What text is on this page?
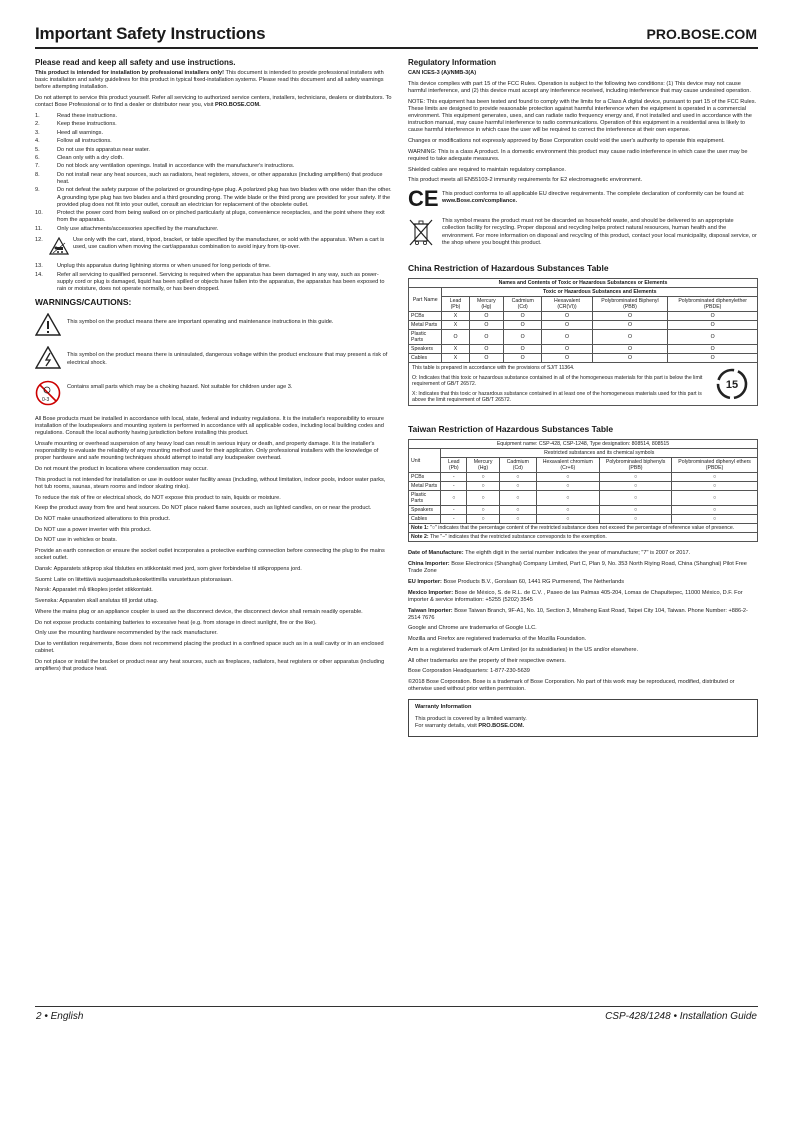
Important Safety Instructions	PRO.BOSE.COM
Please read and keep all safety and use instructions.

This product is intended for installation by professional installers only! This document is intended to provide professional installers with basic installation and safety guidelines for this product in typical fixed-installation systems. Please read this document and all safety warnings before attempting installation.

Do not attempt to service this product yourself. Refer all servicing to authorized service centers, installers, technicians, dealers or distributors. To contact Bose Professional or to find a dealer or distributor near you, visit PRO.BOSE.COM.

1.	Read these instructions.
2.	Keep these instructions.
3.	Heed all warnings.
4.	Follow all instructions.
5.	Do not use this apparatus near water.
6.	Clean only with a dry cloth.
7.	Do not block any ventilation openings. Install in accordance with the manufacturer's instructions.
8.	Do not install near any heat sources, such as radiators, heat registers, stoves, or other apparatus (including amplifiers) that produce heat.
9.	Do not defeat the safety purpose of the polarized or grounding-type plug. A polarized plug has two blades with one wider than the other. A grounding type plug has two blades and a third grounding prong. The wide blade or the third prong are provided for your safety. If the provided plug does not fit into your outlet, consult an electrician for replacement of the obsolete outlet.
10.	Protect the power cord from being walked on or pinched particularly at plugs, convenience receptacles, and the point where they exit from the apparatus.
11.	Only use attachments/accessories specified by the manufacturer.
12.	Use only with the cart, stand, tripod, bracket, or table specified by the manufacturer, or sold with the apparatus. When a cart is used, use caution when moving the cart/apparatus combination to avoid injury from tip-over.
13.	Unplug this apparatus during lightning storms or when unused for long periods of time.
14.	Refer all servicing to qualified personnel. Servicing is required when the apparatus has been damaged in any way, such as power-supply cord or plug is damaged, liquid has been spilled or objects have fallen into the apparatus, the apparatus has been exposed to rain or moisture, does not operate normally, or has been dropped.
WARNINGS/CAUTIONS:
This symbol on the product means there are important operating and maintenance instructions in this guide.
This symbol on the product means there is uninsulated, dangerous voltage within the product enclosure that may present a risk of electrical shock.
0-3
Contains small parts which may be a choking hazard. Not suitable for children under age 3.

All Bose products must be installed in accordance with local, state, federal and industry regulations. It is the installer's responsibility to ensure installation of the loudspeakers and mounting system is performed in accordance with all applicable codes, including local building codes and regulations. Consult the local authority having jurisdiction before installing this product.

Unsafe mounting or overhead suspension of any heavy load can result in serious injury or death, and property damage. It is the installer's responsibility to evaluate the reliability of any mounting method used for their application. Only professional installers with the knowledge of proper hardware and safe mounting techniques should attempt to install any loudspeaker overhead.

Do not mount the product in locations where condensation may occur.

This product is not intended for installation or use in outdoor water facility areas (including, without limitation, indoor pools, indoor water parks, hot tub rooms, saunas, steam rooms and indoor skating rinks).

To reduce the risk of fire or electrical shock, do NOT expose this product to rain, liquids or moisture.

Keep the product away from fire and heat sources. Do NOT place naked flame sources, such as lighted candles, on or near the product.

Do NOT make unauthorized alterations to this product.

Do NOT use a power inverter with this product.

Do NOT use in vehicles or boats.

Provide an earth connection or ensure the socket outlet incorporates a protective earthing connection before connecting the plug to the mains socket outlet.

Dansk: Apparatets stikprop skal tilsluttes en stikkontakt med jord, som giver forbindelse til stikproppens jord.

Suomi: Laite on liitettävä suojamaadoituskoskettimilla varustettuun pistorasiaan.

Norsk: Apparatet må tilkoples jordet stikkontakt.

Svenska: Apparaten skall anslutas till jordat uttag.

Where the mains plug or an appliance coupler is used as the disconnect device, the disconnect device shall remain readily operable.

Do not expose products containing batteries to excessive heat (e.g. from storage in direct sunlight, fire or the like).

Only use the mounting hardware recommended by the rack manufacturer.

Due to ventilation requirements, Bose does not recommend placing the product in a confined space such as in a wall cavity or in an enclosed cabinet.

Do not place or install the bracket or product near any heat sources, such as fireplaces, radiators, heat registers or other apparatus (including amplifiers) that produce heat.

Regulatory Information

CAN ICES-3 (A)/NMB-3(A)

This device complies with part 15 of the FCC Rules. Operation is subject to the following two conditions: (1) This device may not cause harmful interference, and (2) this device must accept any interference received, including interference that may cause undesired operation.

NOTE: This equipment has been tested and found to comply with the limits for a Class A digital device, pursuant to part 15 of the FCC Rules. These limits are designed to provide reasonable protection against harmful interference when the equipment is operated in a commercial environment. This equipment generates, uses, and can radiate radio frequency energy and, if not installed and used in accordance with the instruction manual, may cause harmful interference to radio communications. Operation of this equipment in a residential area is likely to cause harmful interference in which case the user will be required to correct the interference at their own expense.

Changes or modifications not expressly approved by Bose Corporation could void the user's authority to operate this equipment.

WARNING: This is a class A product. In a domestic environment this product may cause radio interference in which case the user may be required to take adequate measures.

Shielded cables are required to maintain regulatory compliance.

This product meets all EN55103-2 immunity requirements for E2 electromagnetic environment.

CE This product conforms to all applicable EU directive requirements. The complete declaration of conformity can be found at: www.Bose.com/compliance.
This symbol means the product must not be discarded as household waste, and should be delivered to an appropriate collection facility for recycling. Proper disposal and recycling helps protect natural resources, human health and the environment. For more information on disposal and recycling of this product, contact your local municipality, disposal service, or the shop where you bought this product.
China Restriction of Hazardous Substances Table
Names and Contents of Toxic or Hazardous Substances or Elements						
Part Name	Toxic or Hazardous Substances and Elements					
	Lead (Pb)	Mercury (Hg)	Cadmium (Cd)	Hexavalent (CR(VI))	Polybrominated Biphenyl (PBB)	Polybrominated diphenylether (PBDE)
PCBs	X	O	O	O	O	O
Metal Parts	X	O	O	O	O	O
Plastic Parts	O	O	O	O	O	O
Speakers	X	O	O	O	O	O
Cables	X	O	O	O	O	O

This table is prepared in accordance with the provisions of SJ/T 11364.

O: Indicates that this toxic or hazardous substance contained in all of the homogeneous materials for this part is below the limit requirement of GB/T 26572.

X: Indicates that this toxic or hazardous substance contained in at least one of the homogeneous materials used for this part is above the limit requirement of GB/T 26572.

15
Taiwan Restriction of Hazardous Substances Table
Equipment name: CSP-428, CSP-1248, Type designation: 808514, 808515						
Unit	Restricted substances and its chemical symbols					
	Lead (Pb)	Mercury (Hg)	Cadmium (Cd)	Hexavalent chromium (Cr+6)	Polybrominated biphenyls (PBB)	Polybrominated diphenyl ethers (PBDE)
PCBs	-	○	○	○	○	○
Metal Parts	-	○	○	○	○	○
Plastic Parts	○	○	○	○	○	○
Speakers	-	○	○	○	○	○
Cables	-	○	○	○	○	○
Note 1: "○" indicates that the percentage content of the restricted substance does not exceed the percentage of reference value of presence.						
Note 2: The "−" indicates that the restricted substance corresponds to the exemption.						

Date of Manufacture: The eighth digit in the serial number indicates the year of manufacture; "7" is 2007 or 2017.

China Importer: Bose Electronics (Shanghai) Company Limited, Part C, Plan 9, No. 353 North Riying Road, China (Shanghai) Pilot Free Trade Zone

EU Importer: Bose Products B.V., Gorslaan 60, 1441 RG Purmerend, The Netherlands

Mexico Importer: Bose de México, S. de R.L. de C.V. , Paseo de las Palmas 405-204, Lomas de Chapultepec, 11000 México, D.F. For importer & service information: +5255 (5202) 3545

Taiwan Importer: Bose Taiwan Branch, 9F-A1, No. 10, Section 3, Minsheng East Road, Taipei City 104, Taiwan. Phone Number: +886-2-2514 7676

Google and Chrome are trademarks of Google LLC.

Mozilla and Firefox are registered trademarks of the Mozilla Foundation.

Arm is a registered trademark of Arm Limited (or its subsidiaries) in the US and/or elsewhere.

All other trademarks are the property of their respective owners.

Bose Corporation Headquarters: 1-877-230-5639

©2018 Bose Corporation. Bose is a trademark of Bose Corporation. No part of this work may be reproduced, modified, distributed or otherwise used without prior written permission.

Warranty Information

This product is covered by a limited warranty.

For warranty details, visit PRO.BOSE.COM.

2 • English	CSP-428/1248 • Installation Guide
